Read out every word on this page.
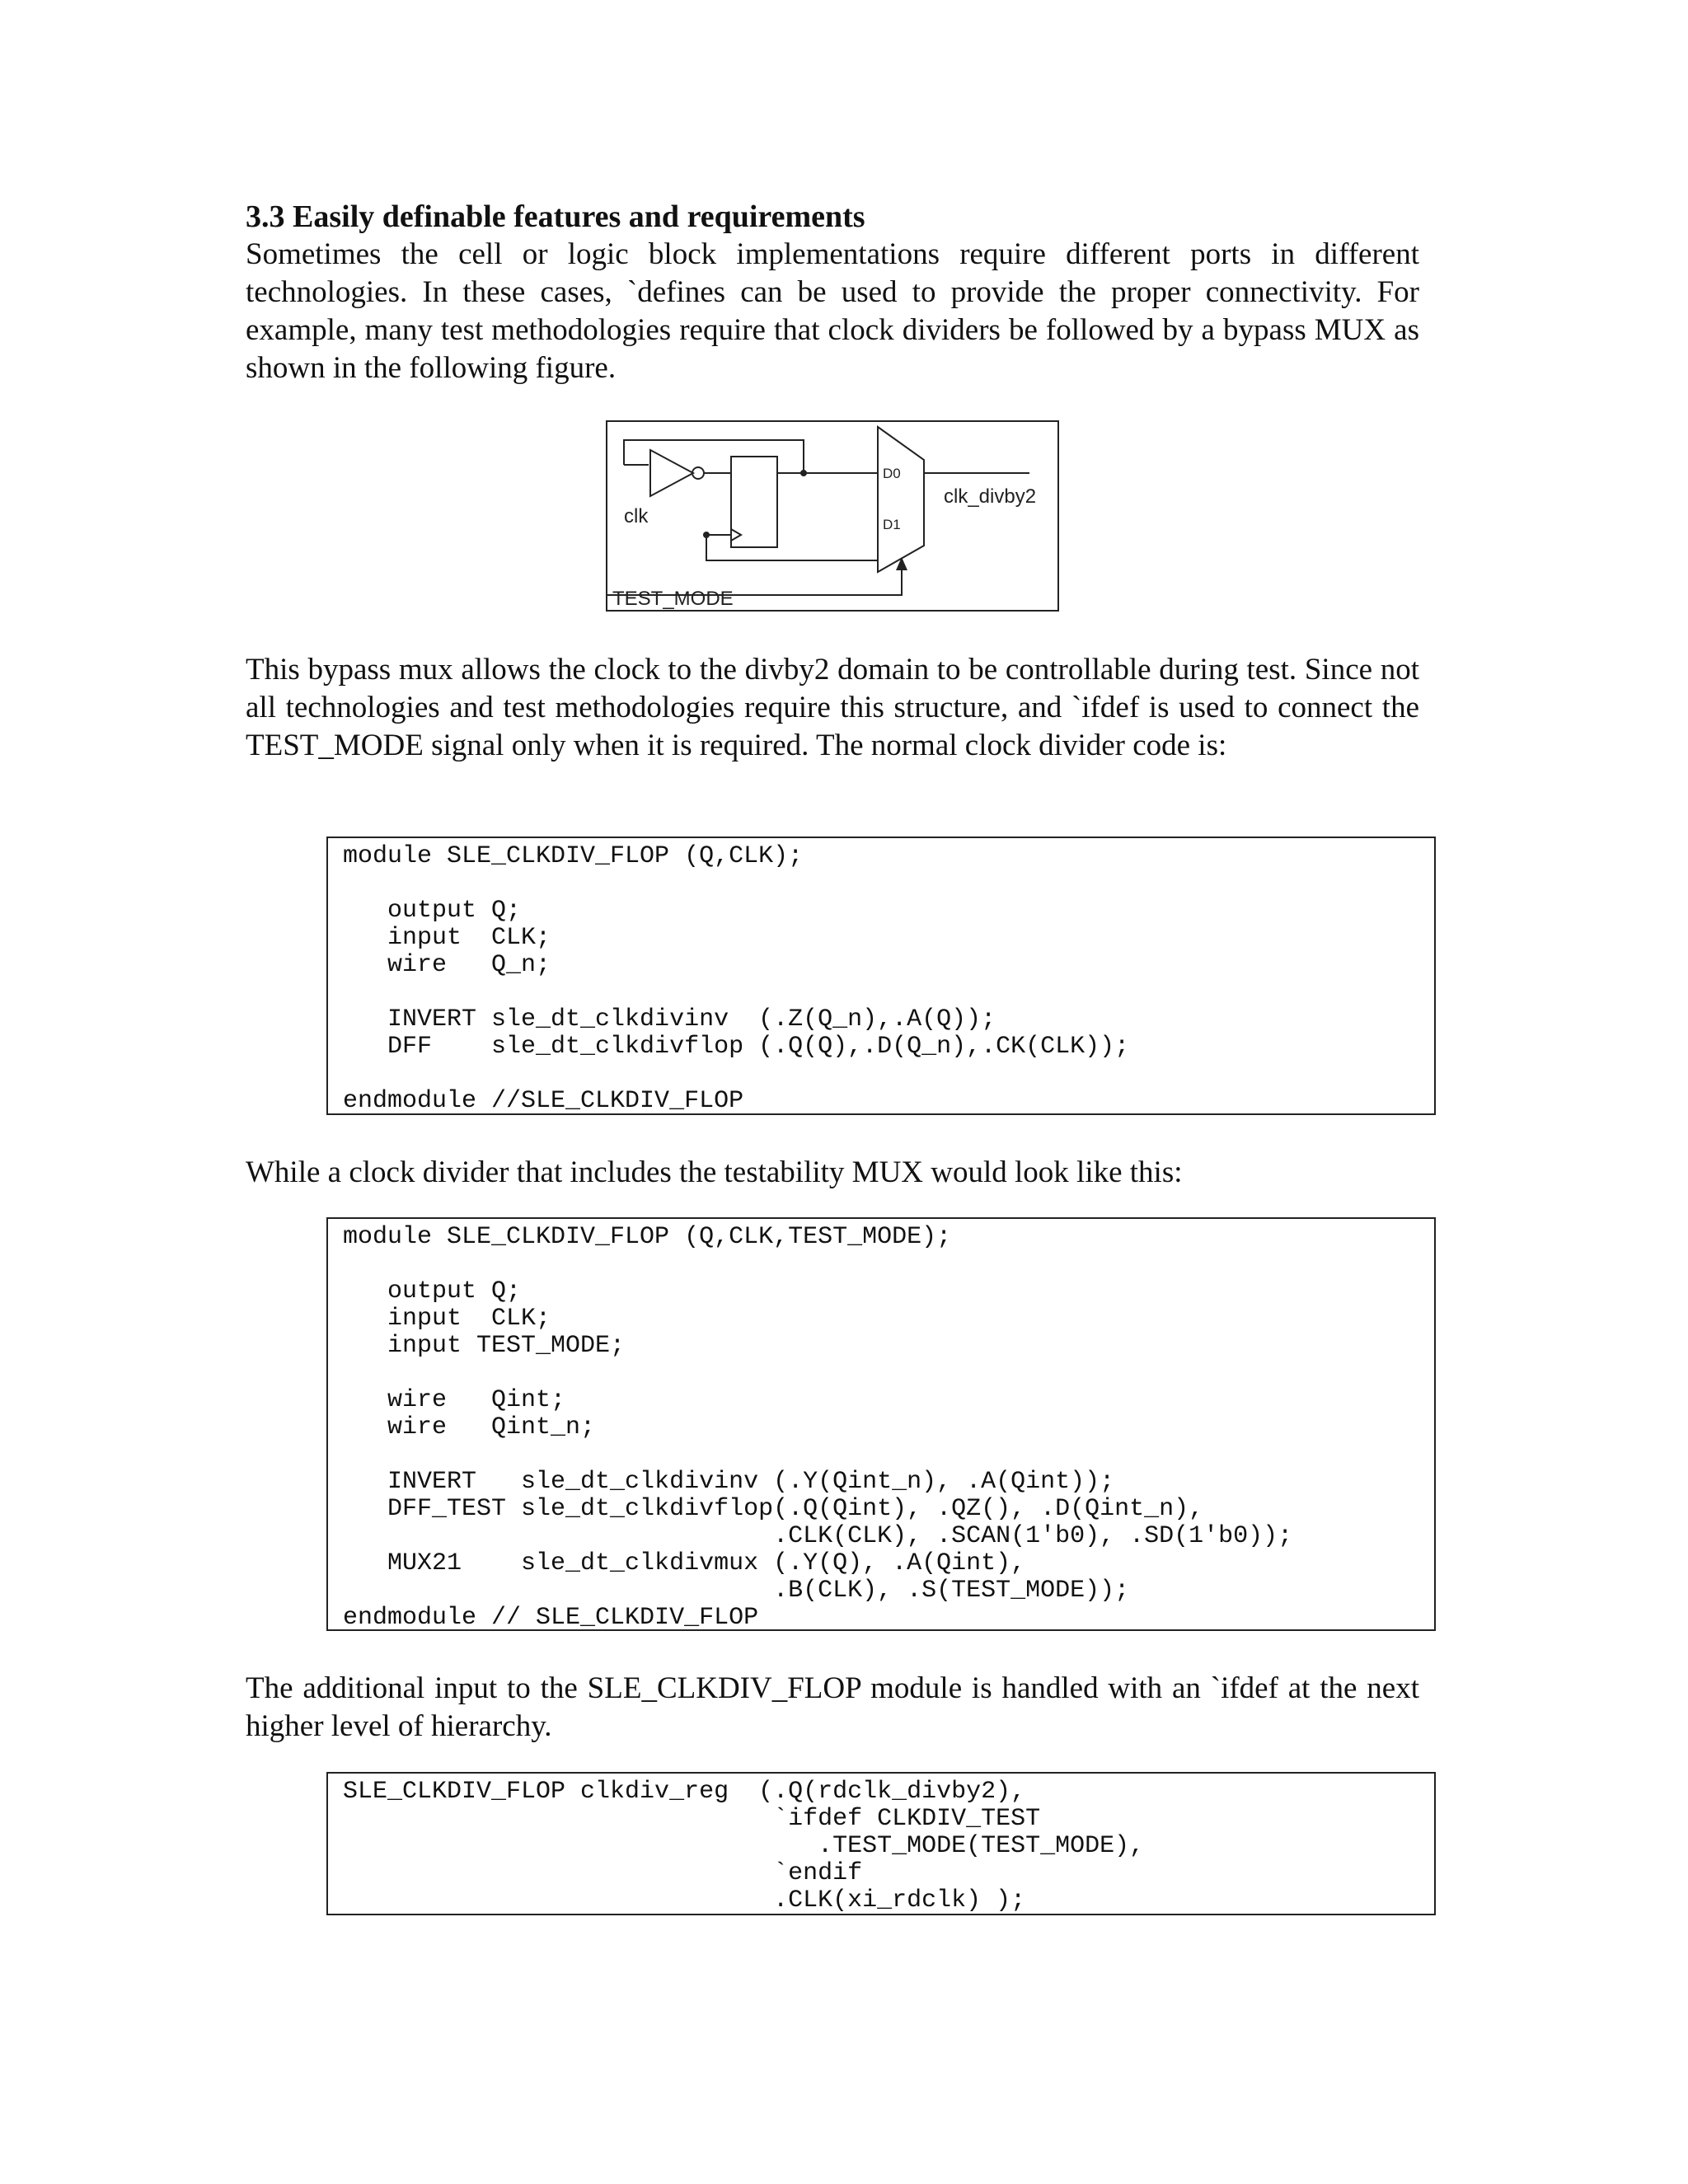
3.3 Easily definable features and requirements

Sometimes the cell or logic block implementations require different ports in different technologies. In these cases, `defines can be used to provide the proper connectivity. For example, many test methodologies require that clock dividers be followed by a bypass MUX as shown in the following figure.

clk
TEST_MODE
D0
D1
clk_divby2

This bypass mux allows the clock to the divby2 domain to be controllable during test. Since not all technologies and test methodologies require this structure, and `ifdef is used to connect the TEST_MODE signal only when it is required. The normal clock divider code is:

module SLE_CLKDIV_FLOP (Q,CLK);

output Q;
input  CLK;
wire   Q_n;

INVERT sle_dt_clkdivinv  (.Z(Q_n),.A(Q));
DFF    sle_dt_clkdivflop (.Q(Q),.D(Q_n),.CK(CLK));

endmodule //SLE_CLKDIV_FLOP

While a clock divider that includes the testability MUX would look like this:

module SLE_CLKDIV_FLOP (Q,CLK,TEST_MODE);

output Q;
input  CLK;
input TEST_MODE;

wire   Qint;
wire   Qint_n;

INVERT   sle_dt_clkdivinv (.Y(Qint_n), .A(Qint));
DFF_TEST sle_dt_clkdivflop(.Q(Qint), .QZ(), .D(Qint_n),
.CLK(CLK), .SCAN(1'b0), .SD(1'b0));
MUX21    sle_dt_clkdivmux (.Y(Q), .A(Qint),
.B(CLK), .S(TEST_MODE));
endmodule // SLE_CLKDIV_FLOP

The additional input to the SLE_CLKDIV_FLOP module is handled with an `ifdef at the next higher level of hierarchy.

SLE_CLKDIV_FLOP clkdiv_reg  (.Q(rdclk_divby2),
`ifdef CLKDIV_TEST
.TEST_MODE(TEST_MODE),
`endif
.CLK(xi_rdclk) );
